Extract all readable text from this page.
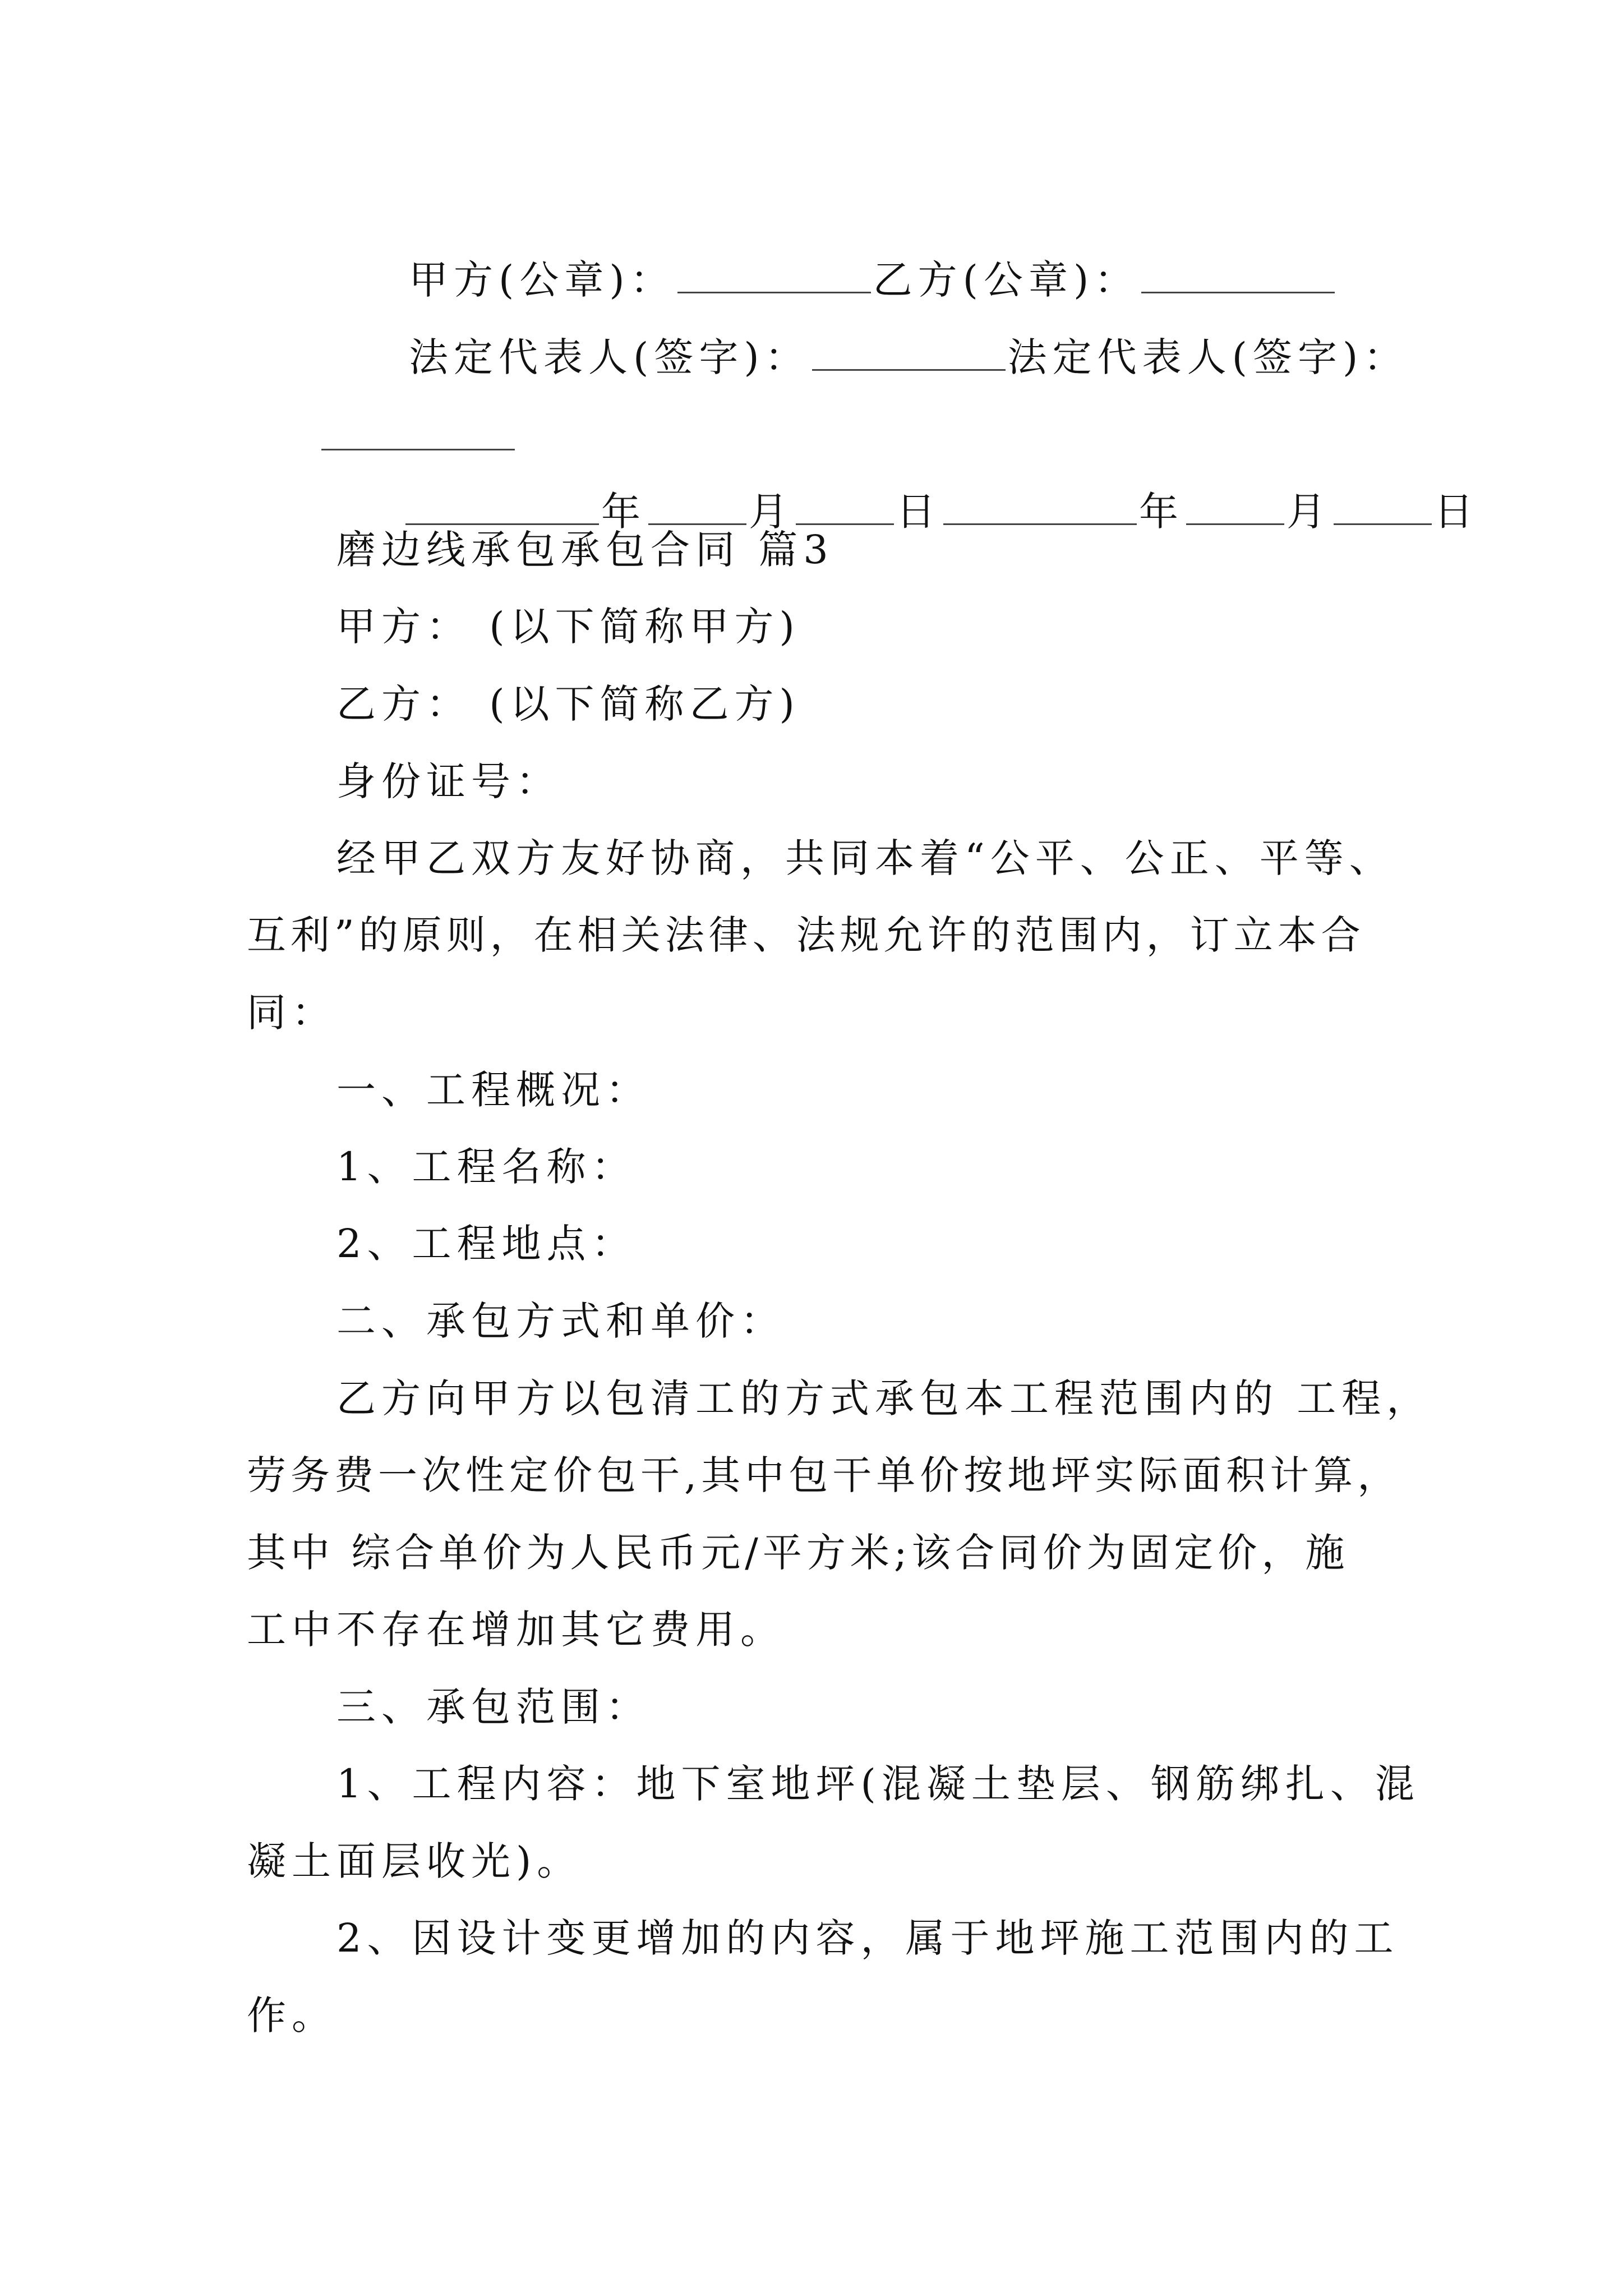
甲方(公章)：	乙方(公章)：

法定代表人(签字)：	法定代表人(签字)：

年	月	日	年	月	日

磨边线承包承包合同 篇3
甲方： (以下简称甲方)
乙方： (以下简称乙方)
身份证号：
经甲乙双方友好协商，共同本着“公平、公正、平等、
互利”的原则，在相关法律、法规允许的范围内，订立本合
同：
一、工程概况：
1、工程名称：
2、工程地点：
二、承包方式和单价：
乙方向甲方以包清工的方式承包本工程范围内的 工程，
劳务费一次性定价包干,其中包干单价按地坪实际面积计算，
其中 综合单价为人民币元/平方米;该合同价为固定价，施
工中不存在增加其它费用。
三、承包范围：
1、工程内容：地下室地坪(混凝土垫层、钢筋绑扎、混
凝土面层收光)。
2、因设计变更增加的内容，属于地坪施工范围内的工
作。
